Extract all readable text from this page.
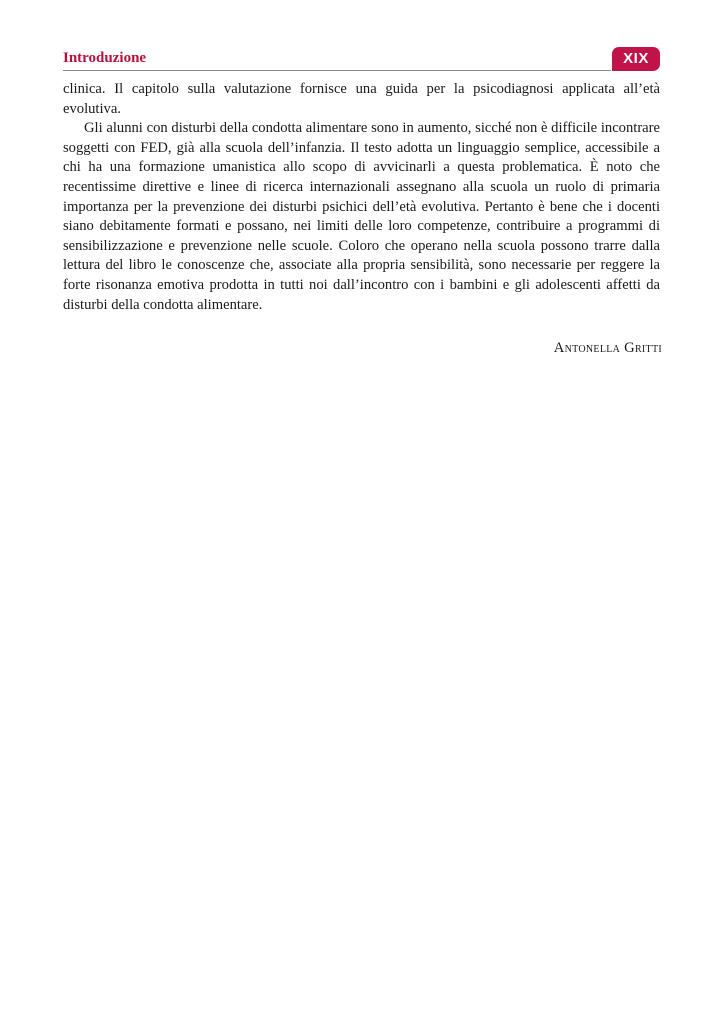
Introduzione	XIX

clinica. Il capitolo sulla valutazione fornisce una guida per la psicodiagnosi applicata all’età evolutiva.

Gli alunni con disturbi della condotta alimentare sono in aumento, sicché non è difficile incontrare soggetti con FED, già alla scuola dell’infanzia. Il testo adotta un linguaggio semplice, accessibile a chi ha una formazione umanistica allo scopo di avvicinarli a questa problematica. È noto che recentissime direttive e linee di ricerca internazionali assegnano alla scuola un ruolo di primaria importanza per la prevenzione dei disturbi psichici dell’età evolutiva. Pertanto è bene che i docenti siano debitamente formati e possano, nei limiti delle loro competenze, contribuire a programmi di sensibilizzazione e prevenzione nelle scuole. Coloro che operano nella scuola possono trarre dalla lettura del libro le conoscenze che, associate alla propria sensibilità, sono necessarie per reggere la forte risonanza emotiva prodotta in tutti noi dall’incontro con i bambini e gli adolescenti affetti da disturbi della condotta alimentare.

Antonella Gritti
